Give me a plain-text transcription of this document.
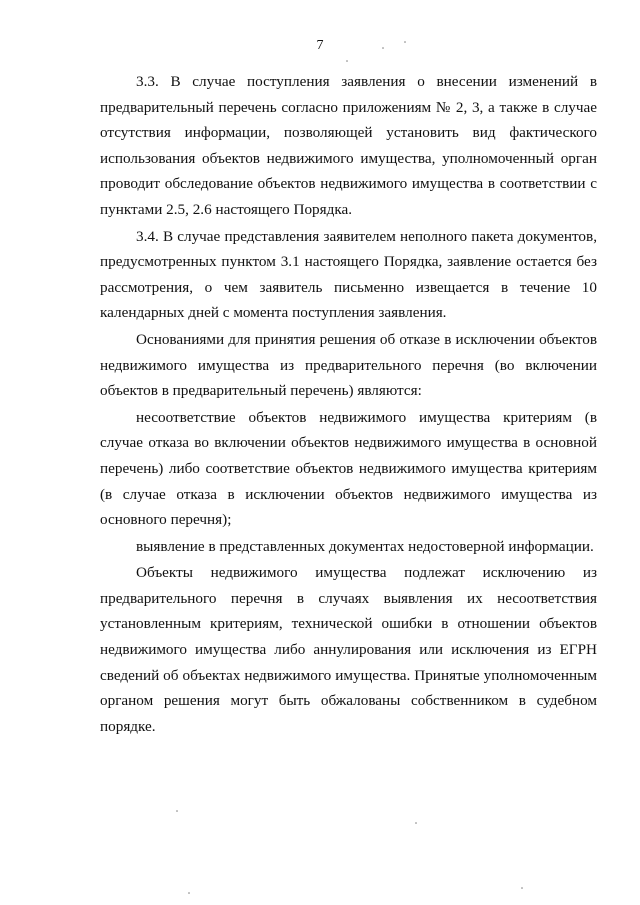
7

3.3. В случае поступления заявления о внесении изменений в предварительный перечень согласно приложениям № 2, 3, а также в случае отсутствия информации, позволяющей установить вид фактического использования объектов недвижимого имущества, уполномоченный орган проводит обследование объектов недвижимого имущества в соответствии с пунктами 2.5, 2.6 настоящего Порядка.

3.4. В случае представления заявителем неполного пакета документов, предусмотренных пунктом 3.1 настоящего Порядка, заявление остается без рассмотрения, о чем заявитель письменно извещается в течение 10 календарных дней с момента поступления заявления.

Основаниями для принятия решения об отказе в исключении объектов недвижимого имущества из предварительного перечня (во включении объектов в предварительный перечень) являются:

несоответствие объектов недвижимого имущества критериям (в случае отказа во включении объектов недвижимого имущества в основной перечень) либо соответствие объектов недвижимого имущества критериям (в случае отказа в исключении объектов недвижимого имущества из основного перечня);

выявление в представленных документах недостоверной информации.

Объекты недвижимого имущества подлежат исключению из предварительного перечня в случаях выявления их несоответствия установленным критериям, технической ошибки в отношении объектов недвижимого имущества либо аннулирования или исключения из ЕГРН сведений об объектах недвижимого имущества. Принятые уполномоченным органом решения могут быть обжалованы собственником в судебном порядке.
